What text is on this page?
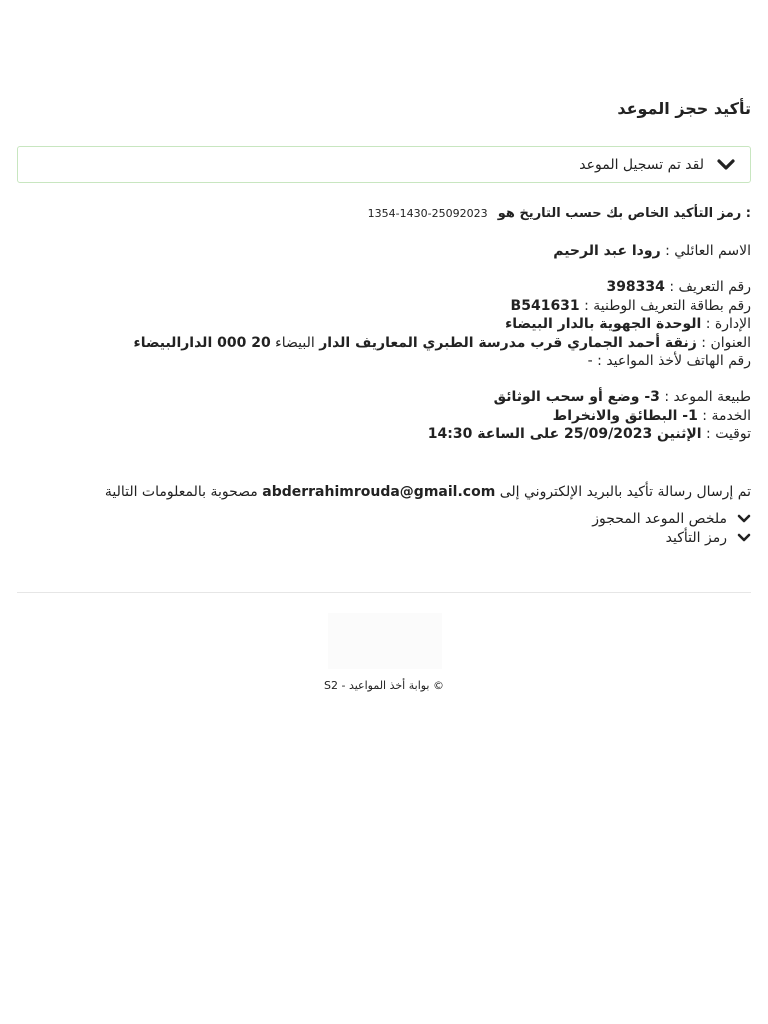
تأكيد حجز الموعد
لقد تم تسجيل الموعد
: رمز التأكيد الخاص بك حسب التاريخ هو 25092023-1430-1354
الاسم العائلي : رودا عبد الرحيم
رقم التعريف : 398334
رقم بطاقة التعريف الوطنية : B541631
الإدارة : الوحدة الجهوية بالدار البيضاء
العنوان : زنقة أحمد الجماري قرب مدرسة الطبري المعاريف الدار البيضاء 20 000 الدارالبيضاء
رقم الهاتف لأخذ المواعيد : -
طبيعة الموعد : 3- وضع أو سحب الوثائق
الخدمة : 1- البطائق والانخراط
توقيت : الإثنين 25/09/2023 على الساعة 14:30
تم إرسال رسالة تأكيد بالبريد الإلكتروني إلى abderrahimrouda@gmail.com مصحوبة بالمعلومات التالية
ملخص الموعد المحجوز
رمز التأكيد
© بوابة أخذ المواعيد - S2
